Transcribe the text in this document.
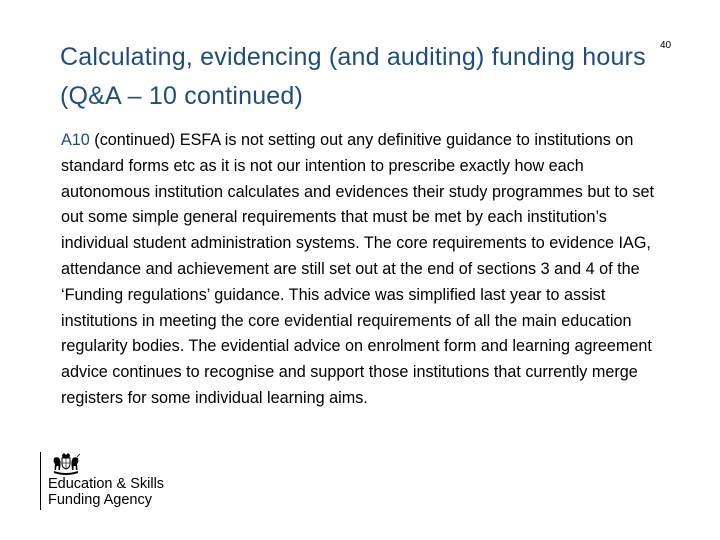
Calculating, evidencing (and auditing) funding hours (Q&A – 10 continued)
40

A10 (continued) ESFA is not setting out any definitive guidance to institutions on standard forms etc as it is not our intention to prescribe exactly how each autonomous institution calculates and evidences their study programmes but to set out some simple general requirements that must be met by each institution’s individual student administration systems. The core requirements to evidence IAG, attendance and achievement are still set out at the end of sections 3 and 4 of the ‘Funding regulations’ guidance. This advice was simplified last year to assist institutions in meeting the core evidential requirements of all the main education regularity bodies. The evidential advice on enrolment form and learning agreement advice continues to recognise and support those institutions that currently merge registers for some individual learning aims.

Education & Skills
Funding Agency
